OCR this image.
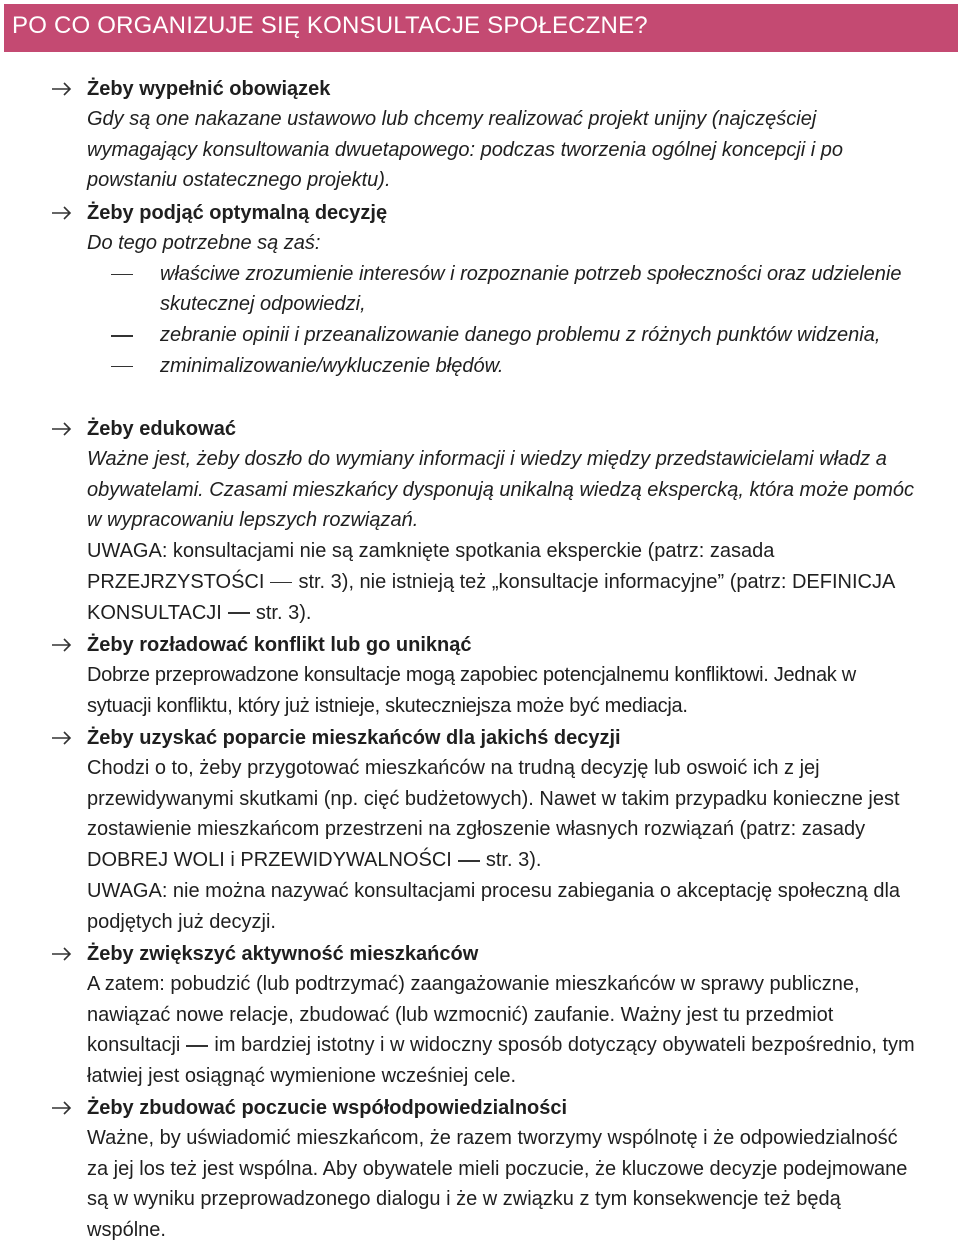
PO CO ORGANIZUJE SIĘ KONSULTACJE SPOŁECZNE?
Żeby wypełnić obowiązek
Gdy są one nakazane ustawowo lub chcemy realizować projekt unijny (najczęściej wymagający konsultowania dwuetapowego: podczas tworzenia ogólnej koncepcji i po powstaniu ostatecznego projektu).
Żeby podjąć optymalną decyzję
Do tego potrzebne są zaś:
właściwe zrozumienie interesów i rozpoznanie potrzeb społeczności oraz udzielenie skutecznej odpowiedzi,
zebranie opinii i przeanalizowanie danego problemu z różnych punktów widzenia,
zminimalizowanie/wykluczenie błędów.
Żeby edukować
Ważne jest, żeby doszło do wymiany informacji i wiedzy między przedstawicielami władz a obywatelami. Czasami mieszkańcy dysponują unikalną wiedzą ekspercką, która może pomóc w wypracowaniu lepszych rozwiązań.
UWAGA: konsultacjami nie są zamknięte spotkania eksperckie (patrz: zasada PRZEJRZYSTOŚCI str. 3), nie istnieją też „konsultacje informacyjne” (patrz: DEFINICJA KONSULTACJI str. 3).
Żeby rozładować konflikt lub go uniknąć
Dobrze przeprowadzone konsultacje mogą zapobiec potencjalnemu konfliktowi. Jednak w sytuacji konfliktu, który już istnieje, skuteczniejsza może być mediacja.
Żeby uzyskać poparcie mieszkańców dla jakichś decyzji
Chodzi o to, żeby przygotować mieszkańców na trudną decyzję lub oswoić ich z jej przewidywanymi skutkami (np. cięć budżetowych). Nawet w takim przypadku konieczne jest zostawienie mieszkańcom przestrzeni na zgłoszenie własnych rozwiązań (patrz: zasady DOBREJ WOLI i PRZEWIDYWALNOŚCI str. 3).
UWAGA: nie można nazywać konsultacjami procesu zabiegania o akceptację społeczną dla podjętych już decyzji.
Żeby zwiększyć aktywność mieszkańców
A zatem: pobudzić (lub podtrzymać) zaangażowanie mieszkańców w sprawy publiczne, nawiązać nowe relacje, zbudować (lub wzmocnić) zaufanie. Ważny jest tu przedmiot konsultacji im bardziej istotny i w widoczny sposób dotyczący obywateli bezpośrednio, tym łatwiej jest osiągnąć wymienione wcześniej cele.
Żeby zbudować poczucie współodpowiedzialności
Ważne, by uświadomić mieszkańcom, że razem tworzymy wspólnotę i że odpowiedzialność za jej los też jest wspólna. Aby obywatele mieli poczucie, że kluczowe decyzje podejmowane są w wyniku przeprowadzonego dialogu i że w związku z tym konsekwencje też będą wspólne.
